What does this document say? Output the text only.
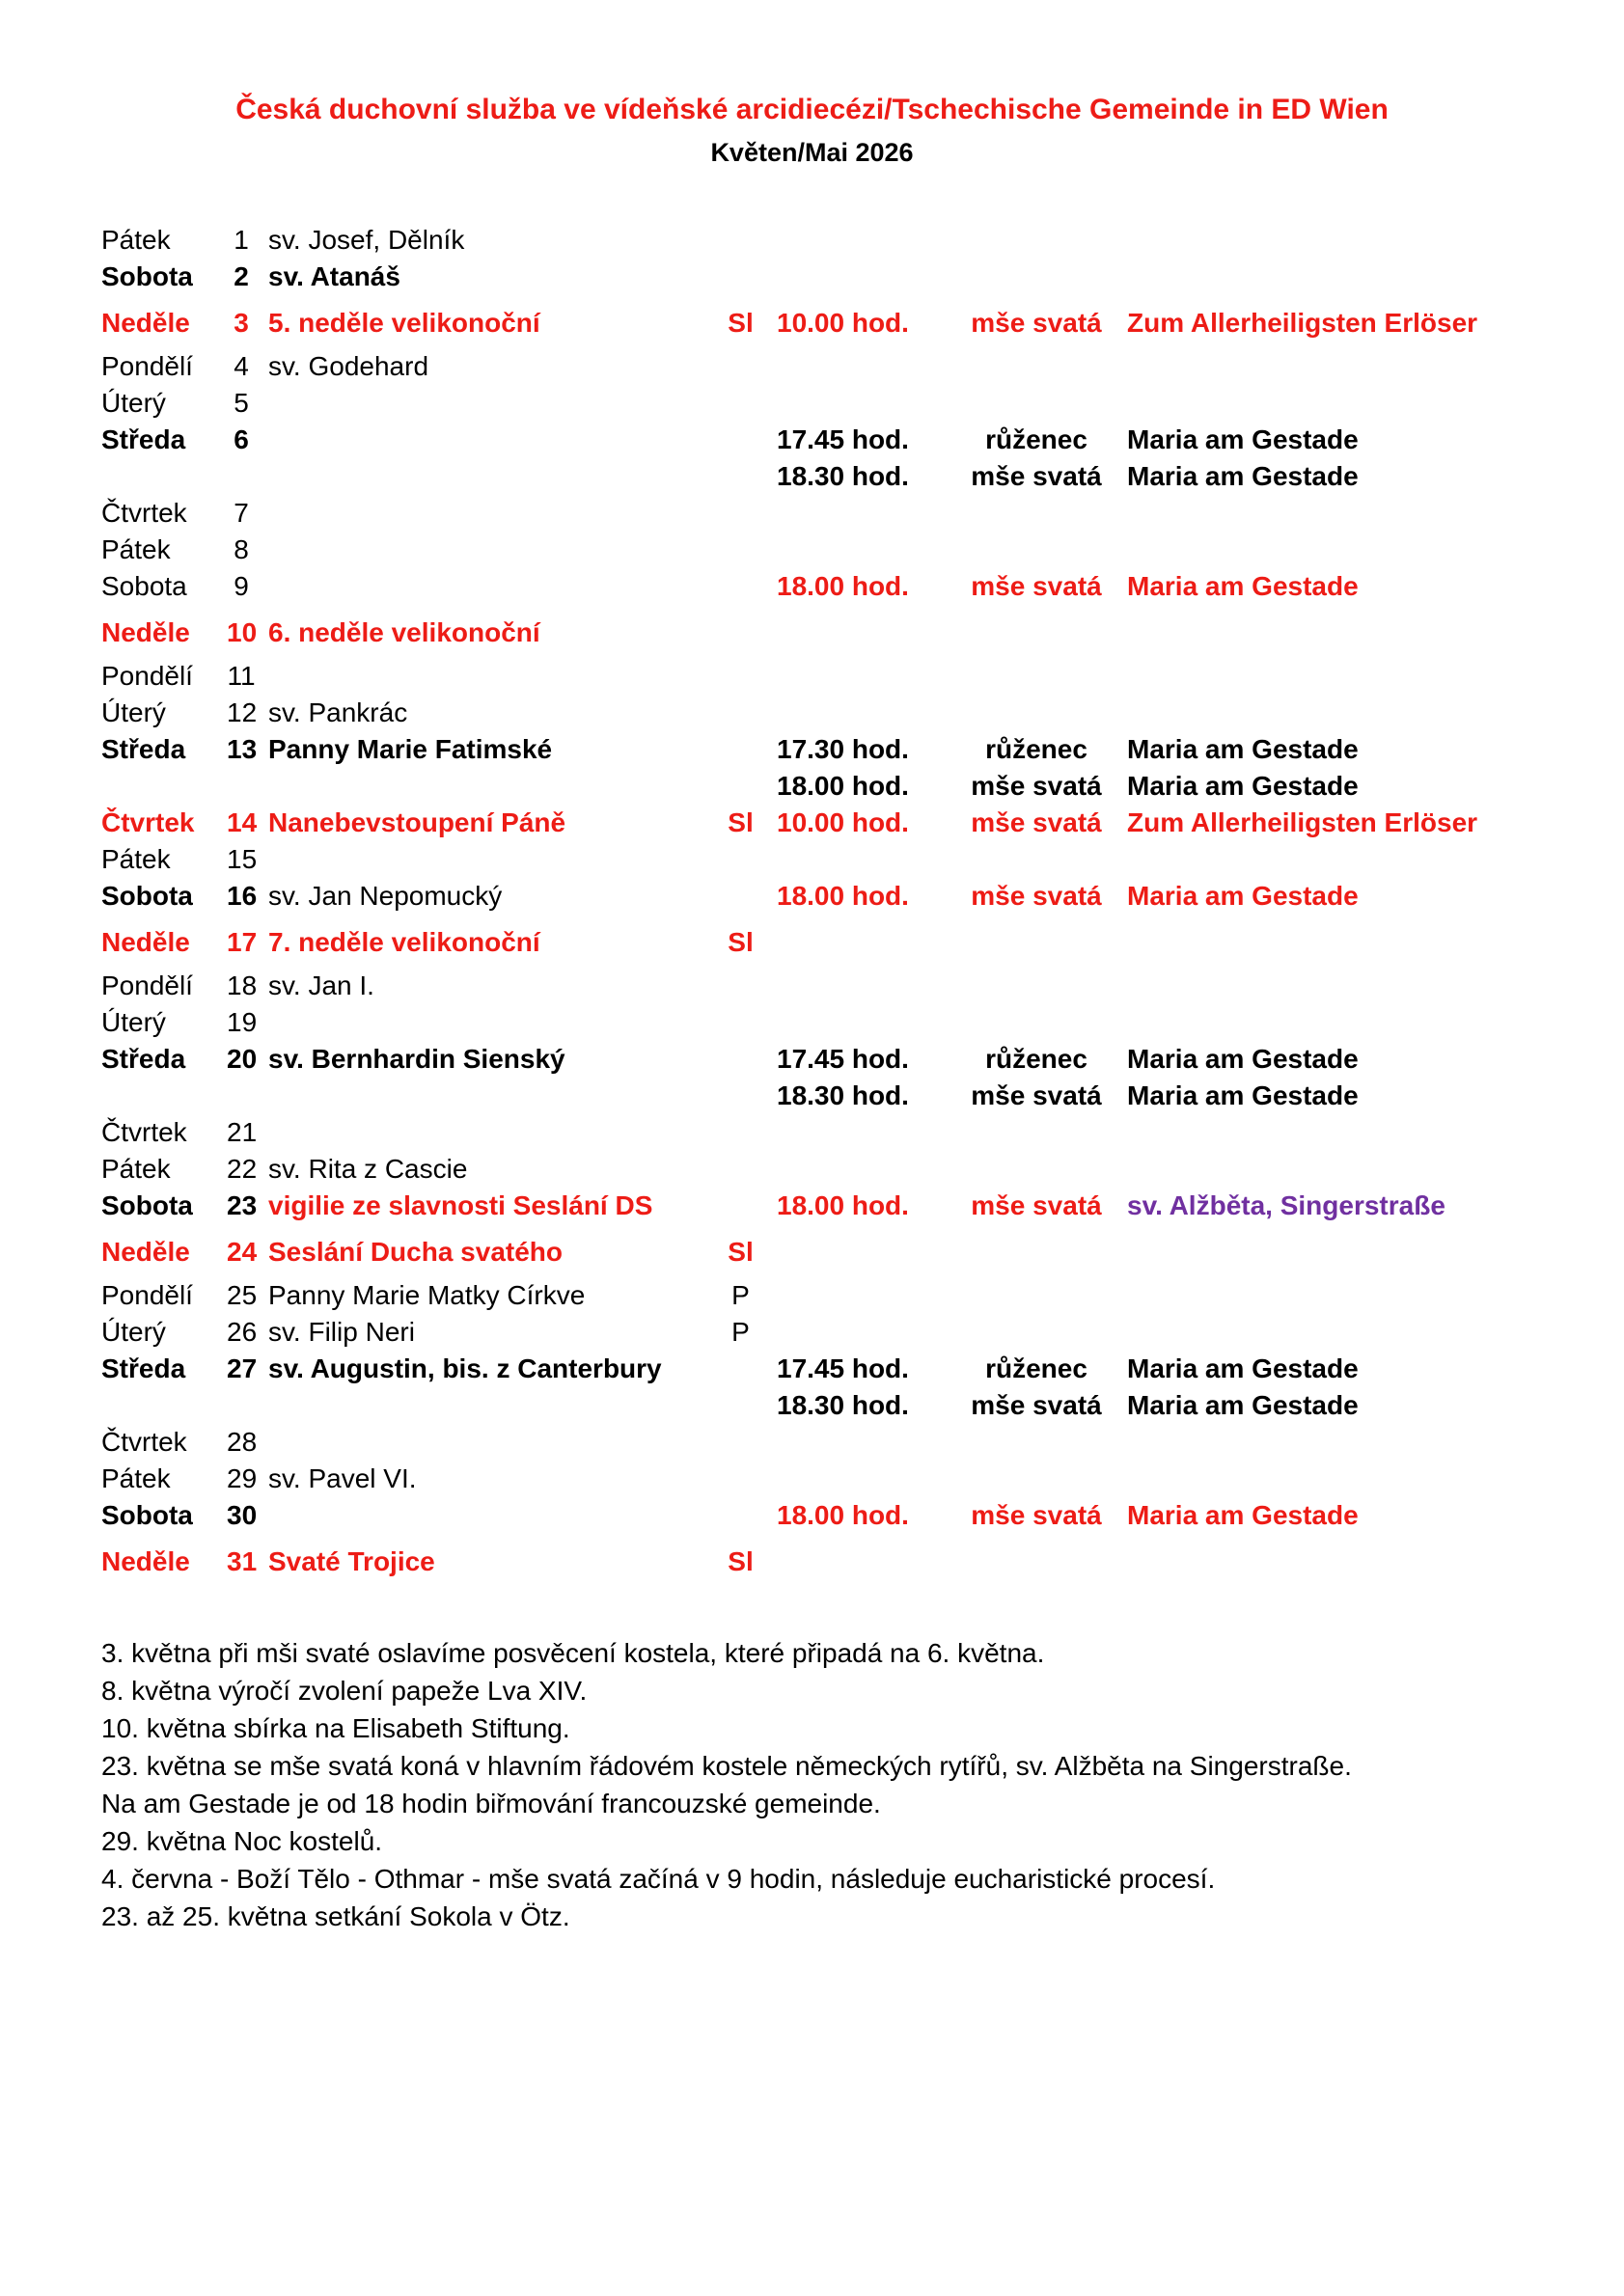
Česká duchovní služba ve vídeňské arcidiecézi/Tschechische Gemeinde in ED Wien
Květen/Mai 2026
Pátek	1 sv. Josef, Dělník
Sobota	2 sv. Atanáš
Neděle	3 5. neděle velikonoční	Sl 10.00 hod.	mše svatá Zum Allerheiligsten Erlöser
Pondělí	4 sv. Godehard
Úterý	5
Středa	6	17.45 hod.	růženec	Maria am Gestade
18.30 hod.	mše svatá Maria am Gestade
Čtvrtek	7
Pátek	8
Sobota	9	18.00 hod.	mše svatá Maria am Gestade
Neděle	10 6. neděle velikonoční
Pondělí	11
Úterý	12 sv. Pankrác
Středa	13 Panny Marie Fatimské	17.30 hod.	růženec	Maria am Gestade
18.00 hod.	mše svatá Maria am Gestade
Čtvrtek	14 Nanebevstoupení Páně	Sl 10.00 hod.	mše svatá Zum Allerheiligsten Erlöser
Pátek	15
Sobota	16 sv. Jan Nepomucký	18.00 hod.	mše svatá Maria am Gestade
Neděle	17 7. neděle velikonoční	Sl
Pondělí	18 sv. Jan I.
Úterý	19
Středa	20 sv. Bernhardin Sienský	17.45 hod.	růženec	Maria am Gestade
18.30 hod.	mše svatá Maria am Gestade
Čtvrtek	21
Pátek	22 sv. Rita z Cascie
Sobota	23 vigilie ze slavnosti Seslání DS	18.00 hod.	mše svatá sv. Alžběta, Singerstraße
Neděle	24 Seslání Ducha svatého	Sl
Pondělí	25 Panny Marie Matky Církve	P
Úterý	26 sv. Filip Neri	P
Středa	27 sv. Augustin, bis. z Canterbury	17.45 hod.	růženec	Maria am Gestade
18.30 hod.	mše svatá Maria am Gestade
Čtvrtek	28
Pátek	29 sv. Pavel VI.
Sobota	30	18.00 hod.	mše svatá Maria am Gestade
Neděle	31 Svaté Trojice	Sl
3. května při mši svaté oslavíme posvěcení kostela, které připadá na 6. května.
8. května výročí zvolení papeže Lva XIV.
10. května sbírka na Elisabeth Stiftung.
23. května se mše svatá koná v hlavním řádovém kostele německých rytířů, sv. Alžběta na Singerstraße.
Na am Gestade je od 18 hodin biřmování francouzské gemeinde.
29. května Noc kostelů.
4. června - Boží Tělo - Othmar - mše svatá začíná v 9 hodin, následuje eucharistické procesí.
23. až 25. května setkání Sokola v Ötz.
